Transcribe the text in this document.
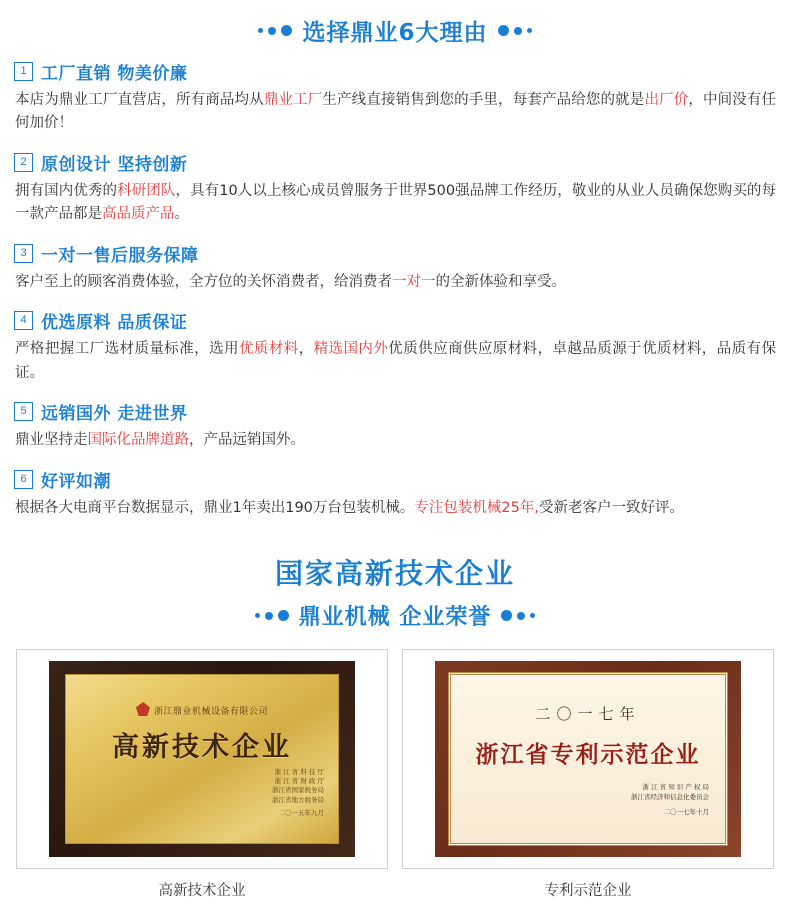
选择鼎业6大理由
1 工厂直销 物美价廉
本店为鼎业工厂直营店，所有商品均从鼎业工厂生产线直接销售到您的手里，每套产品给您的就是出厂价，中间没有任何加价！
2 原创设计 坚持创新
拥有国内优秀的科研团队，具有10人以上核心成员曾服务于世界500强品牌工作经历，敬业的从业人员确保您购买的每一款产品都是高品质产品。
3 一对一售后服务保障
客户至上的顾客消费体验，全方位的关怀消费者，给消费者一对一的全新体验和享受。
4 优选原料 品质保证
严格把握工厂选材质量标准，选用优质材料，精选国内外优质供应商供应原材料，卓越品质源于优质材料，品质有保证。
5 远销国外 走进世界
鼎业坚持走国际化品牌道路，产品远销国外。
6 好评如潮
根据各大电商平台数据显示，鼎业1年卖出190万台包装机械。专注包装机械25年,受新老客户一致好评。
国家高新技术企业
鼎业机械 企业荣誉
浙江鼎业机械设备有限公司
高新技术企业
浙 江 省 科 技 厅
浙 江 省 财 政 厅
浙江省国家税务局
浙江省地方税务局
二〇一五年九月
高新技术企业
二〇一七年
浙江省专利示范企业
浙 江 省 知 识 产 权 局
浙江省经济和信息化委员会
二〇一七年十月
专利示范企业
